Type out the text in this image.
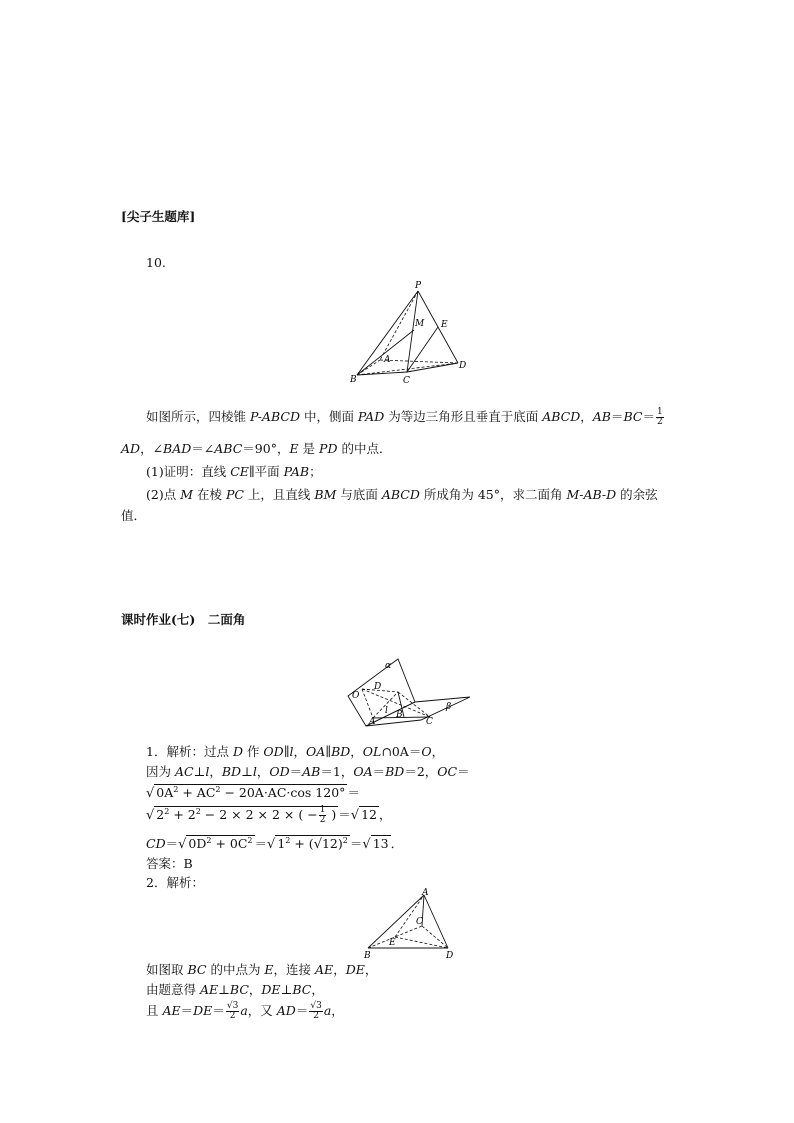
[尖子生题库]
10.
P
M E
A
B	C
D
如图所示，四棱锥 P-ABCD 中，侧面 PAD 为等边三角形且垂直于底面 ABCD，$AB=BC= \frac{1}{2}$
AD，∠BAD＝∠ABC＝90°，E 是 PD 的中点．
(1)证明：直线 CE∥平面 PAB；
(2)点 M 在棱 PC 上，且直线 BM 与底面 ABCD 所成角为 45°，求二面角 M-AB-D 的余弦
值．
课时作业(七)　二面角
α
β
D
O
l
A
B
C
1．解析：过点 D 作 OD∥l，OA∥BD，OL∩0A＝O，
因为 AC⊥l，BD⊥l，OD＝AB＝1，OA＝BD＝2，OC＝
√ $0A^2 + AC^2 - 20A\cdot AC\cdot\cos$ 120° ＝
√ $2^2 + 2^2 - 2 \times 2 \times 2$ × ( − $\frac{1}{2}$ ) ＝√ 12 ，
CD＝√ $0D^2 + 0C^2$ ＝√ $1^2 + (√12)^2$ ＝√ 13 ．
答案：B
2．解析：
A
B
C
D
E
如图取 BC 的中点为 E，连接 AE，DE，
由题意得 AE⊥BC，DE⊥BC，
且 $AE=DE= \frac{√3}{2}$ a，又 $AD= \frac{√3}{2}$ a，
